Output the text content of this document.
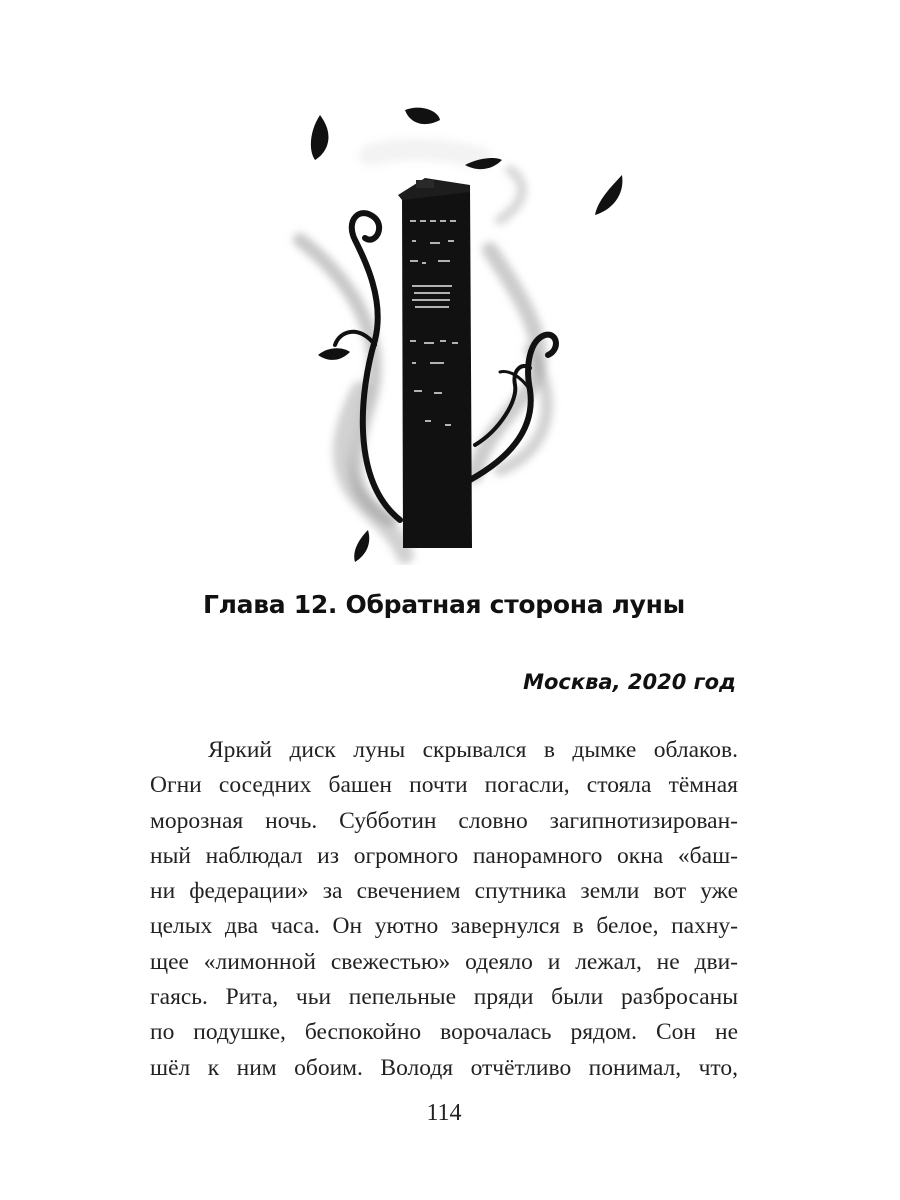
Глава 12. Обратная сторона луны
Москва, 2020 год
Яркий диск луны скрывался в дымке облаков.
Огни соседних башен почти погасли, стояла тёмная
морозная ночь. Субботин словно загипнотизирован-
ный наблюдал из огромного панорамного окна «баш-
ни федерации» за свечением спутника земли вот уже
целых два часа. Он уютно завернулся в белое, пахну-
щее «лимонной свежестью» одеяло и лежал, не дви-
гаясь. Рита, чьи пепельные пряди были разбросаны
по подушке, беспокойно ворочалась рядом. Сон не
шёл к ним обоим. Володя отчётливо понимал, что,
114
